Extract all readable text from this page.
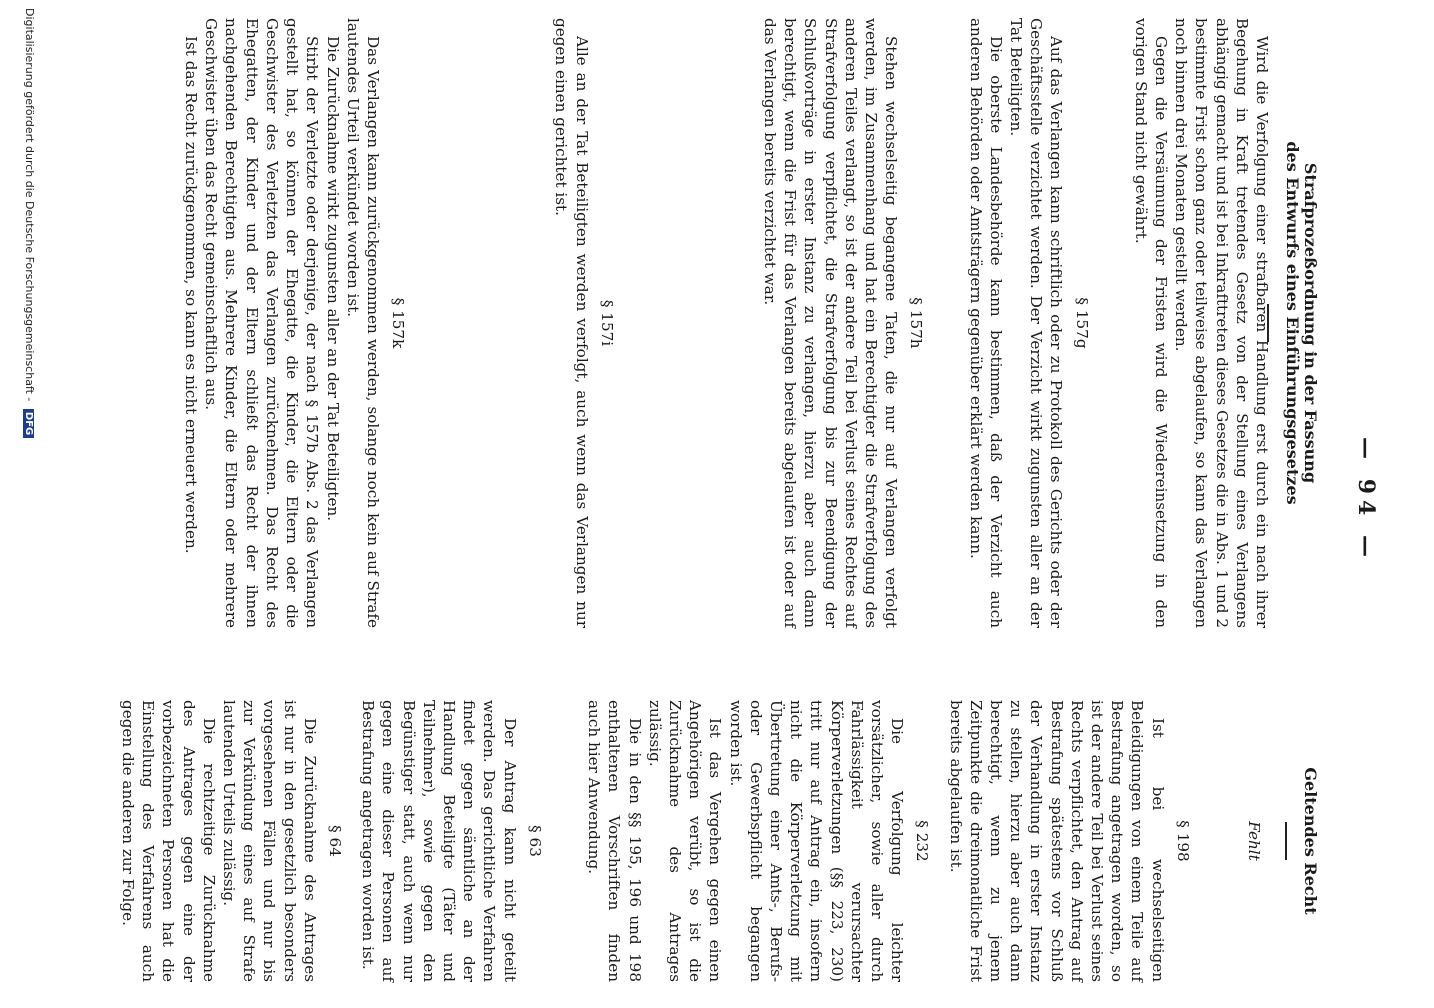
— 94 —
Strafprozeßordnung in der Fassung
des Entwurfs eines Einführungsgesetzes
Geltendes Recht

Wird die Verfolgung einer strafbaren Handlung erst durch ein nach ihrer Begehung in Kraft tretendes Gesetz von der Stellung eines Verlangens abhängig gemacht und ist bei Inkrafttreten dieses Gesetzes die in Abs. 1 und 2 bestimmte Frist schon ganz oder teilweise abgelaufen, so kann das Verlangen noch binnen drei Monaten gestellt werden.

Gegen die Versäumung der Fristen wird die Wiedereinsetzung in den vorigen Stand nicht gewährt.

§ 157g

Auf das Verlangen kann schriftlich oder zu Protokoll des Gerichts oder der Geschäftsstelle verzichtet werden. Der Verzicht wirkt zugunsten aller an der Tat Beteiligten.

Die oberste Landesbehörde kann bestimmen, daß der Verzicht auch anderen Behörden oder Amtsträgern gegenüber erklärt werden kann.

§ 157h

Stehen wechselseitig begangene Taten, die nur auf Verlangen verfolgt werden, im Zusammenhang und hat ein Berechtigter die Strafverfolgung des anderen Teiles verlangt, so ist der andere Teil bei Verlust seines Rechtes auf Strafverfolgung verpflichtet, die Strafverfolgung bis zur Beendigung der Schlußvorträge in erster Instanz zu verlangen, hierzu aber auch dann berechtigt, wenn die Frist für das Verlangen bereits abgelaufen ist oder auf das Verlangen bereits verzichtet war.

§ 157i

Alle an der Tat Beteiligten werden verfolgt, auch wenn das Verlangen nur gegen einen gerichtet ist.

§ 157k

Das Verlangen kann zurückgenommen werden, solange noch kein auf Strafe lautendes Urteil verkündet worden ist.

Die Zurücknahme wirkt zugunsten aller an der Tat Beteiligten.

Stirbt der Verletzte oder derjenige, der nach § 157b Abs. 2 das Verlangen gestellt hat, so können der Ehegatte, die Kinder, die Eltern oder die Geschwister des Verletzten das Verlangen zurücknehmen. Das Recht des Ehegatten, der Kinder und der Eltern schließt das Recht der ihnen nachgehenden Berechtigten aus. Mehrere Kinder, die Eltern oder mehrere Geschwister üben das Recht gemeinschaftlich aus.

Ist das Recht zurückgenommen, so kann es nicht erneuert werden.

Fehlt

§ 198

Ist bei wechselseitigen Beleidigungen von einem Teile auf Bestrafung angetragen worden, so ist der andere Teil bei Verlust seines Rechts verpflichtet, den Antrag auf Bestrafung spätestens vor Schluß der Verhandlung in erster Instanz zu stellen, hierzu aber auch dann berechtigt, wenn zu jenem Zeitpunkte die dreimonatliche Frist bereits abgelaufen ist.

§ 232

Die Verfolgung leichter vorsätzlicher, sowie aller durch Fahrlässigkeit verursachter Körperverletzungen (§§ 223, 230) tritt nur auf Antrag ein, insofern nicht die Körperverletzung mit Übertretung einer Amts-, Berufs- oder Gewerbspflicht begangen worden ist.

Ist das Vergehen gegen einen Angehörigen verübt, so ist die Zurücknahme des Antrages zulässig.

Die in den §§ 195, 196 und 198 enthaltenen Vorschriften finden auch hier Anwendung.

§ 63

Der Antrag kann nicht geteilt werden. Das gerichtliche Verfahren findet gegen sämtliche an der Handlung Beteiligte (Täter und Teilnehmer), sowie gegen den Begünstiger statt, auch wenn nur gegen eine dieser Personen auf Bestrafung angetragen worden ist.

§ 64

Die Zurücknahme des Antrages ist nur in den gesetzlich besonders vorgesehenen Fällen und nur bis zur Verkündung eines auf Strafe lautenden Urteils zulässig.

Die rechtzeitige Zurücknahme des Antrages gegen eine der vorbezeichneten Personen hat die Einstellung des Verfahrens auch gegen die anderen zur Folge.

Digitalisierung gefördert durch die Deutsche Forschungsgemeinschaft - DFG
